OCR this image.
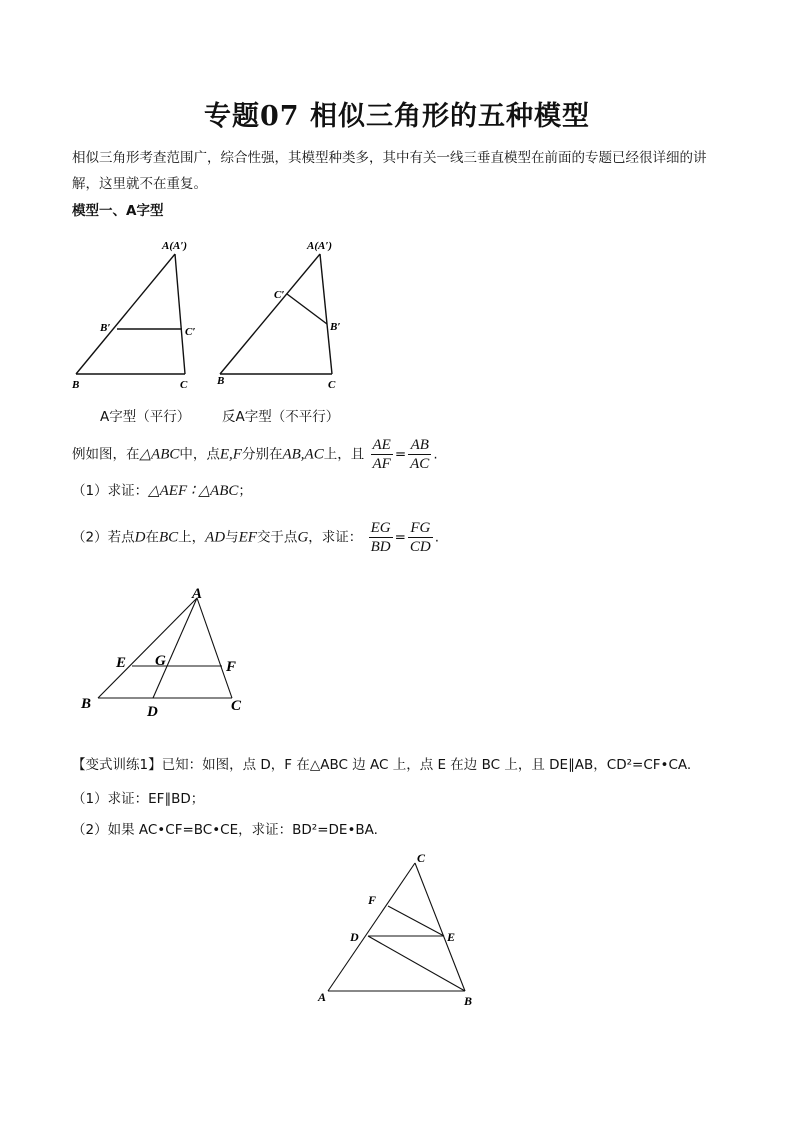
专题07 相似三角形的五种模型
相似三角形考查范围广，综合性强，其模型种类多，其中有关一线三垂直模型在前面的专题已经很详细的讲解，这里就不在重复。
模型一、A字型
A(A′)
B′	C′
B	C
A(A′)
C′
B′
B	C
A字型（平行） 反A字型（不平行）
例如图，在△ABC中，点E,F分别在AB,AC上，且 $\frac{AE}{AF} = \frac{AB}{AC}$ .
（1）求证：△AEF ∶ △ABC；
（2）若点D在BC上，AD与EF交于点G，求证： $\frac{EG}{BD} = \frac{FG}{CD}$ .
A
E G	F
B	D	C
【变式训练1】已知：如图，点 D，F 在△ABC 边 AC 上，点 E 在边 BC 上，且 DE∥AB，CD²=CF•CA.
（1）求证：EF∥BD；
（2）如果 AC•CF=BC•CE，求证：BD²=DE•BA.
C
F
D	E
A	B
